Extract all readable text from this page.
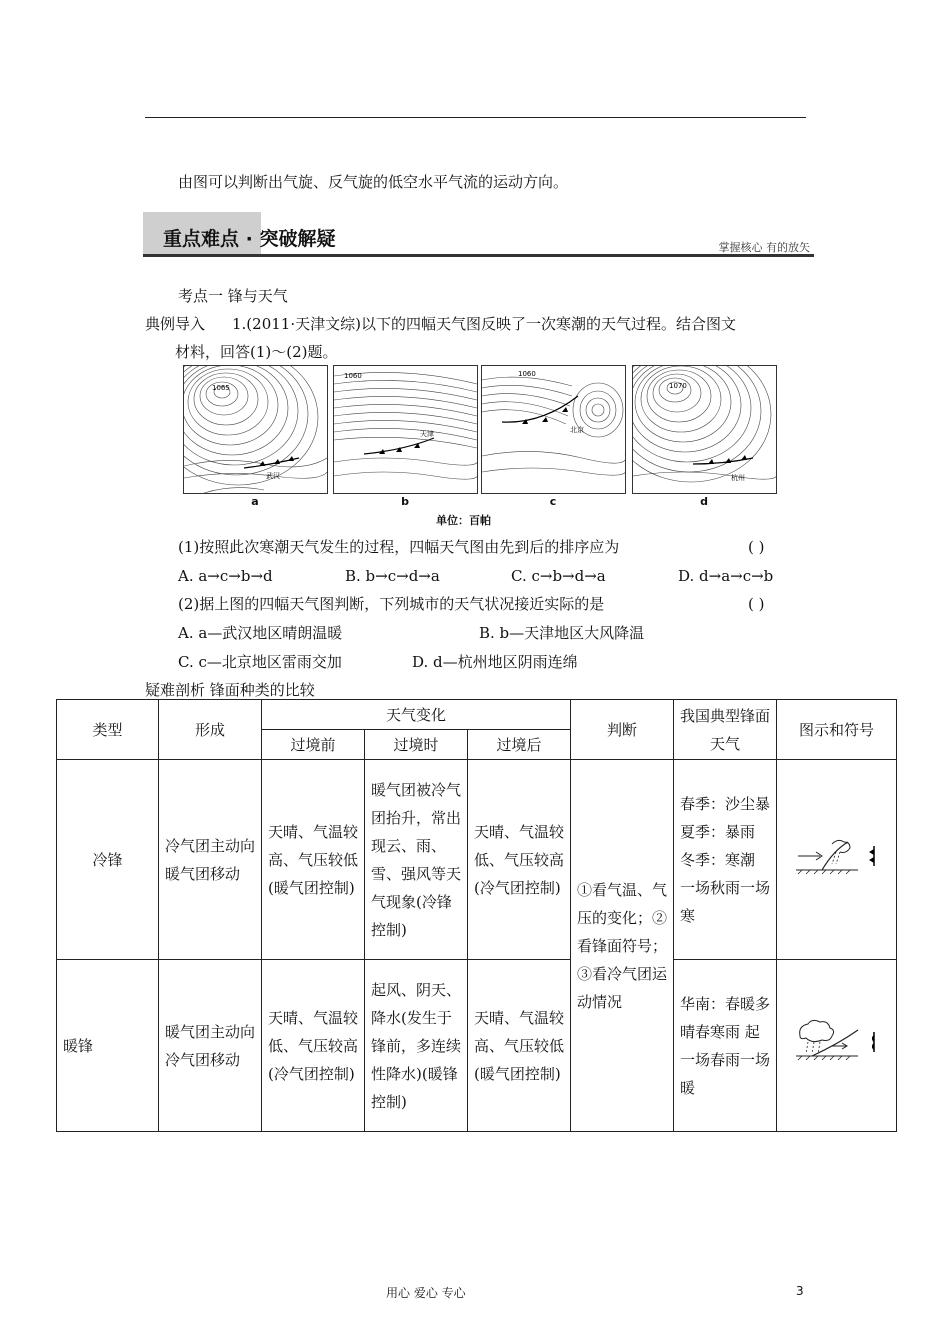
由图可以判断出气旋、反气旋的低空水平气流的运动方向。
重点难点 · 突破解疑	掌握核心 有的放矢
考点一 锋与天气
典例导入 1.(2011·天津文综)以下的四幅天气图反映了一次寒潮的天气过程。结合图文
材料，回答(1)～(2)题。
1065
武汉
1060
天津
1060
北京
1070
杭州
a	b	c	d
单位：百帕
(1)按照此次寒潮天气发生的过程，四幅天气图由先到后的排序应为	( )
A. a→c→b→d	B. b→c→d→a	C. c→b→d→a	D. d→a→c→b
(2)据上图的四幅天气图判断，下列城市的天气状况接近实际的是	( )
A. a—武汉地区晴朗温暖	B. b—天津地区大风降温
C. c—北京地区雷雨交加	D. d—杭州地区阴雨连绵
疑难剖析 锋面种类的比较
类型	形成	天气变化			判断	我国典型锋面天气	图示和符号
		过境前	过境时	过境后			
冷锋	冷气团主动向暖气团移动	天晴、气温较高、气压较低(暖气团控制)	暖气团被冷气团抬升，常出现云、雨、雪、强风等天气现象(冷锋控制)	天晴、气温较低、气压较高(冷气团控制)	①看气温、气压的变化；②看锋面符号；③看冷气团运动情况	春季：沙尘暴 夏季：暴雨 冬季：寒潮 一场秋雨一场寒	
暖锋	暖气团主动向冷气团移动	天晴、气温较低、气压较高(冷气团控制)	起风、阴天、降水(发生于锋前，多连续性降水)(暖锋控制)	天晴、气温较高、气压较低(暖气团控制)		华南：春暖多晴春寒雨 起一场春雨一场暖	
用心 爱心 专心	3
